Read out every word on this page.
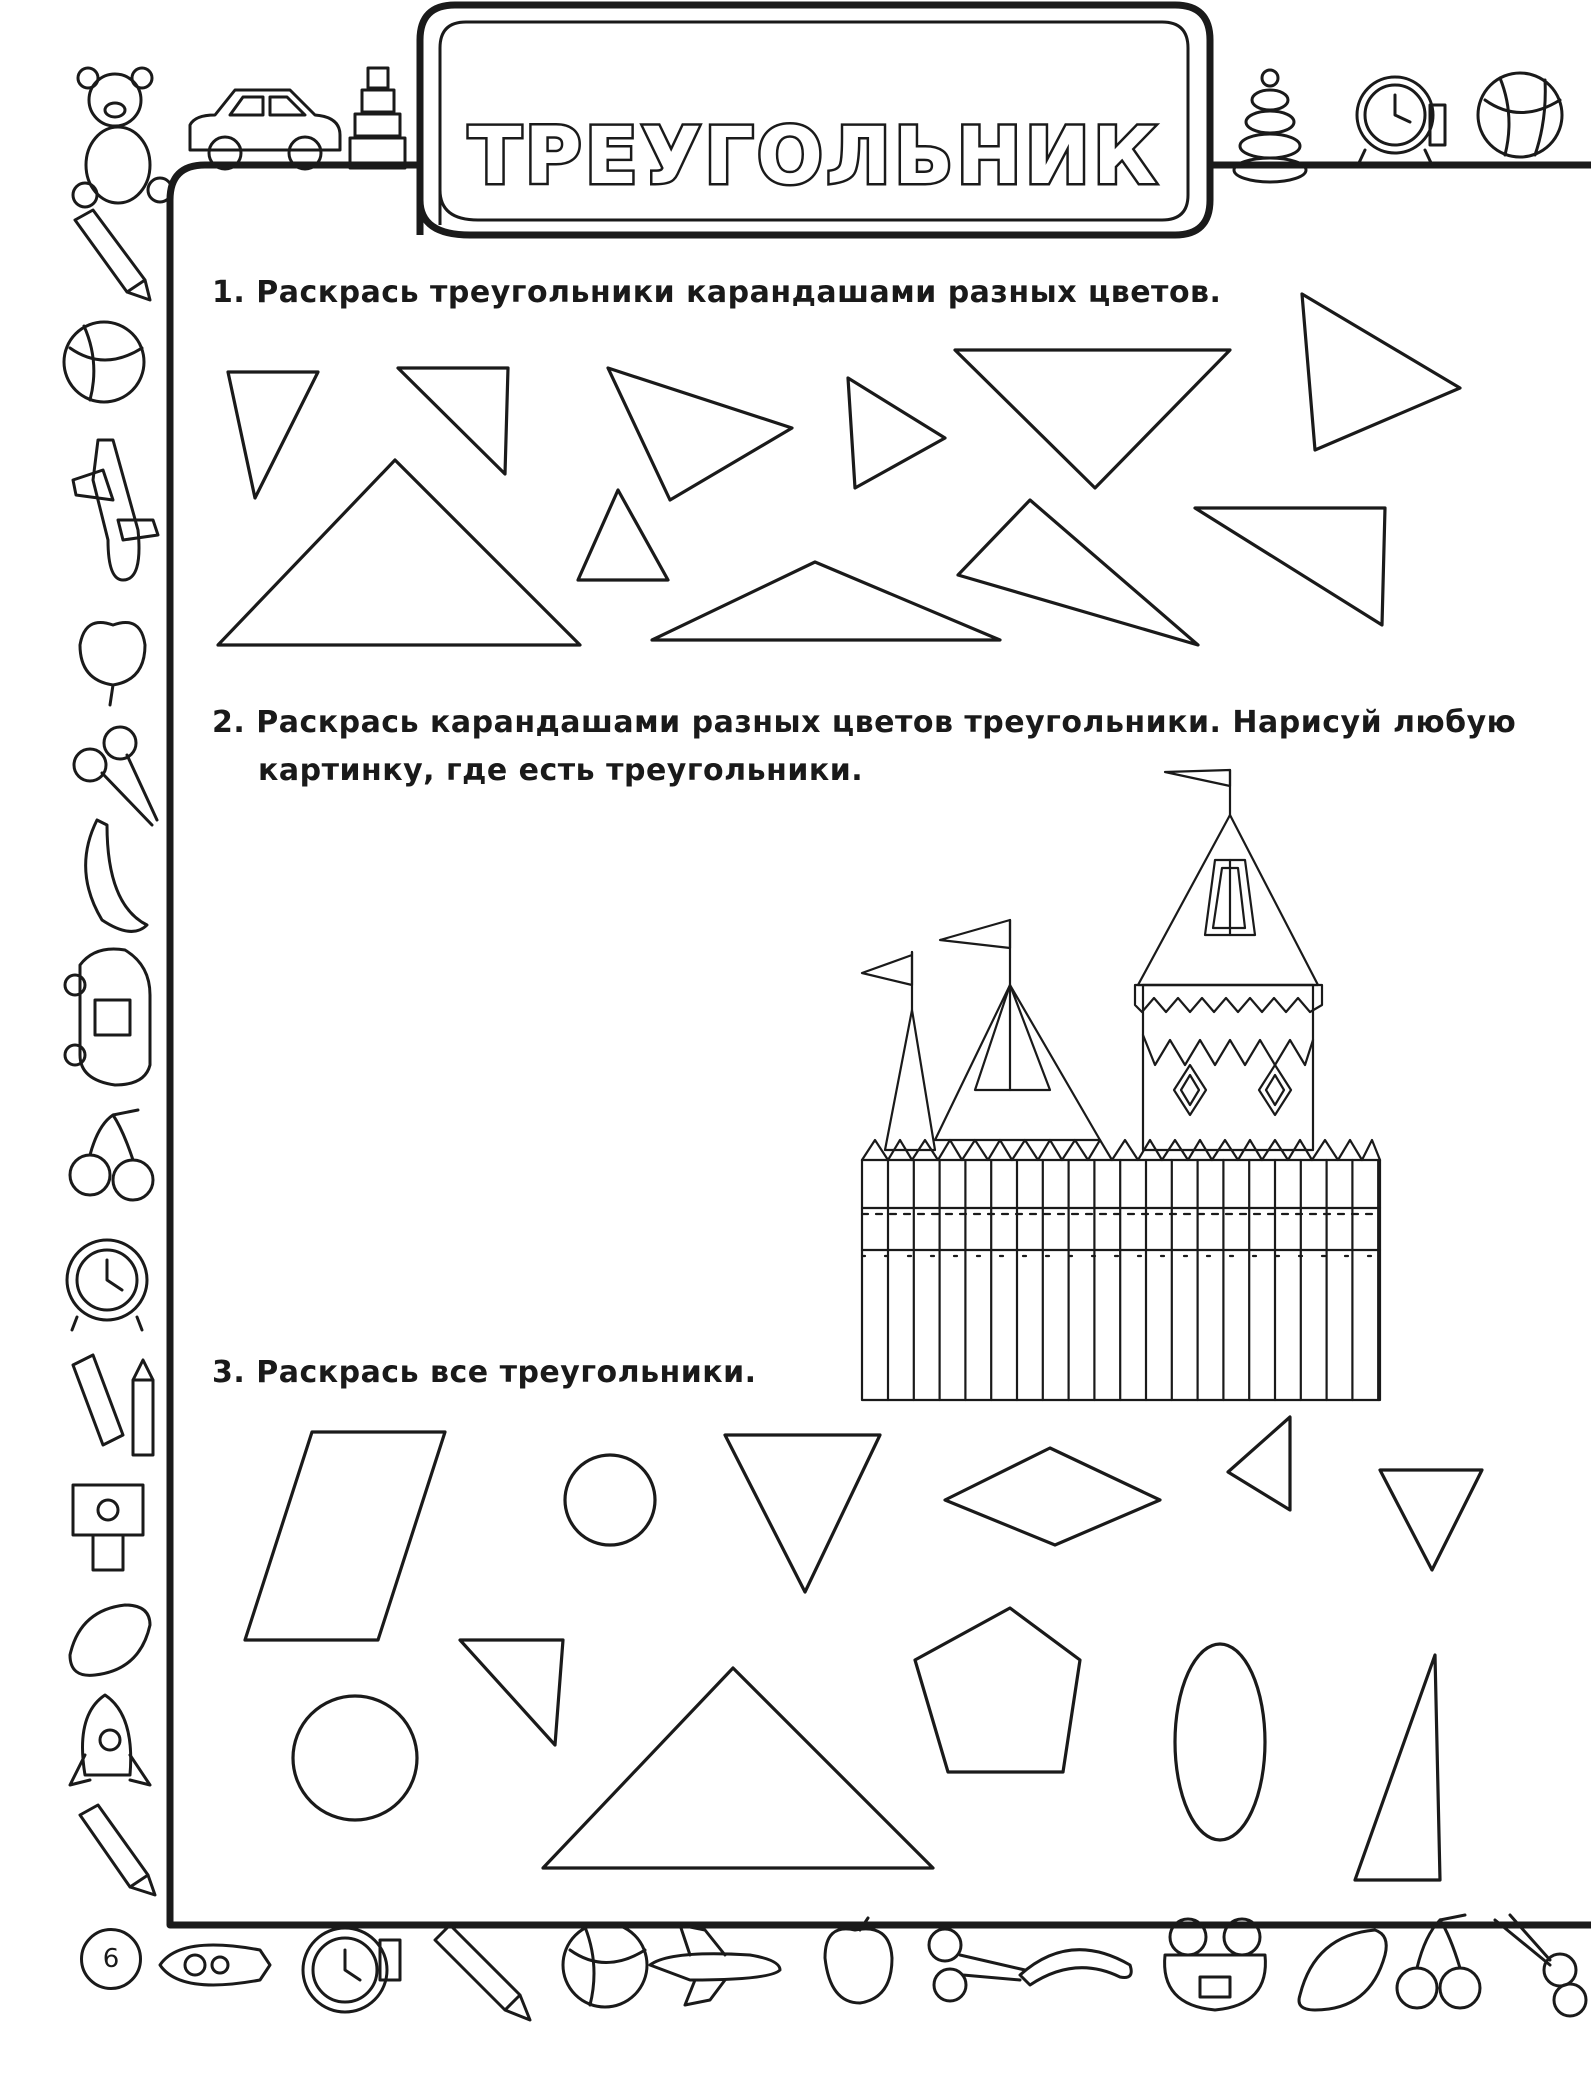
ТРЕУГОЛЬНИК
1. Раскрась треугольники карандашами разных цветов.
2. Раскрась карандашами разных цветов треугольники. Нарисуй любую
картинку, где есть треугольники.
3. Раскрась все треугольники.
6
